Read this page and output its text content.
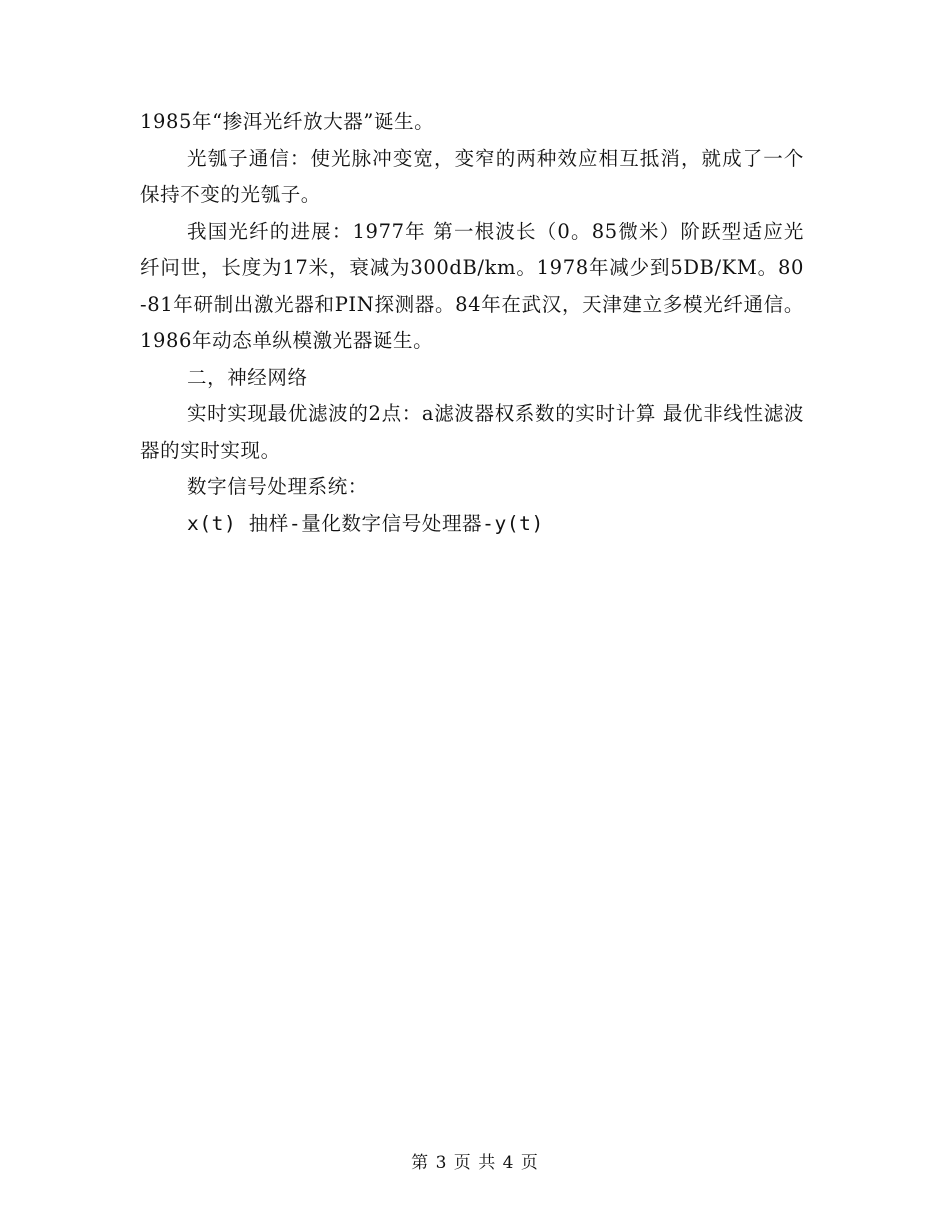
1985年“掺洱光纤放大器”诞生。

光瓠子通信：使光脉冲变宽，变窄的两种效应相互抵消，就成了一个保持不变的光瓠子。

我国光纤的进展：1977年 第一根波长（0。85微米）阶跃型适应光纤问世，长度为17米，衰减为300dB/km。1978年减少到5DB/KM。80-81年研制出激光器和PIN探测器。84年在武汉，天津建立多模光纤通信。1986年动态单纵模激光器诞生。

二，神经网络

实时实现最优滤波的2点：a滤波器权系数的实时计算 最优非线性滤波器的实时实现。

数字信号处理系统：

x(t) 抽样-量化数字信号处理器-y(t)

第 3 页 共 4 页
